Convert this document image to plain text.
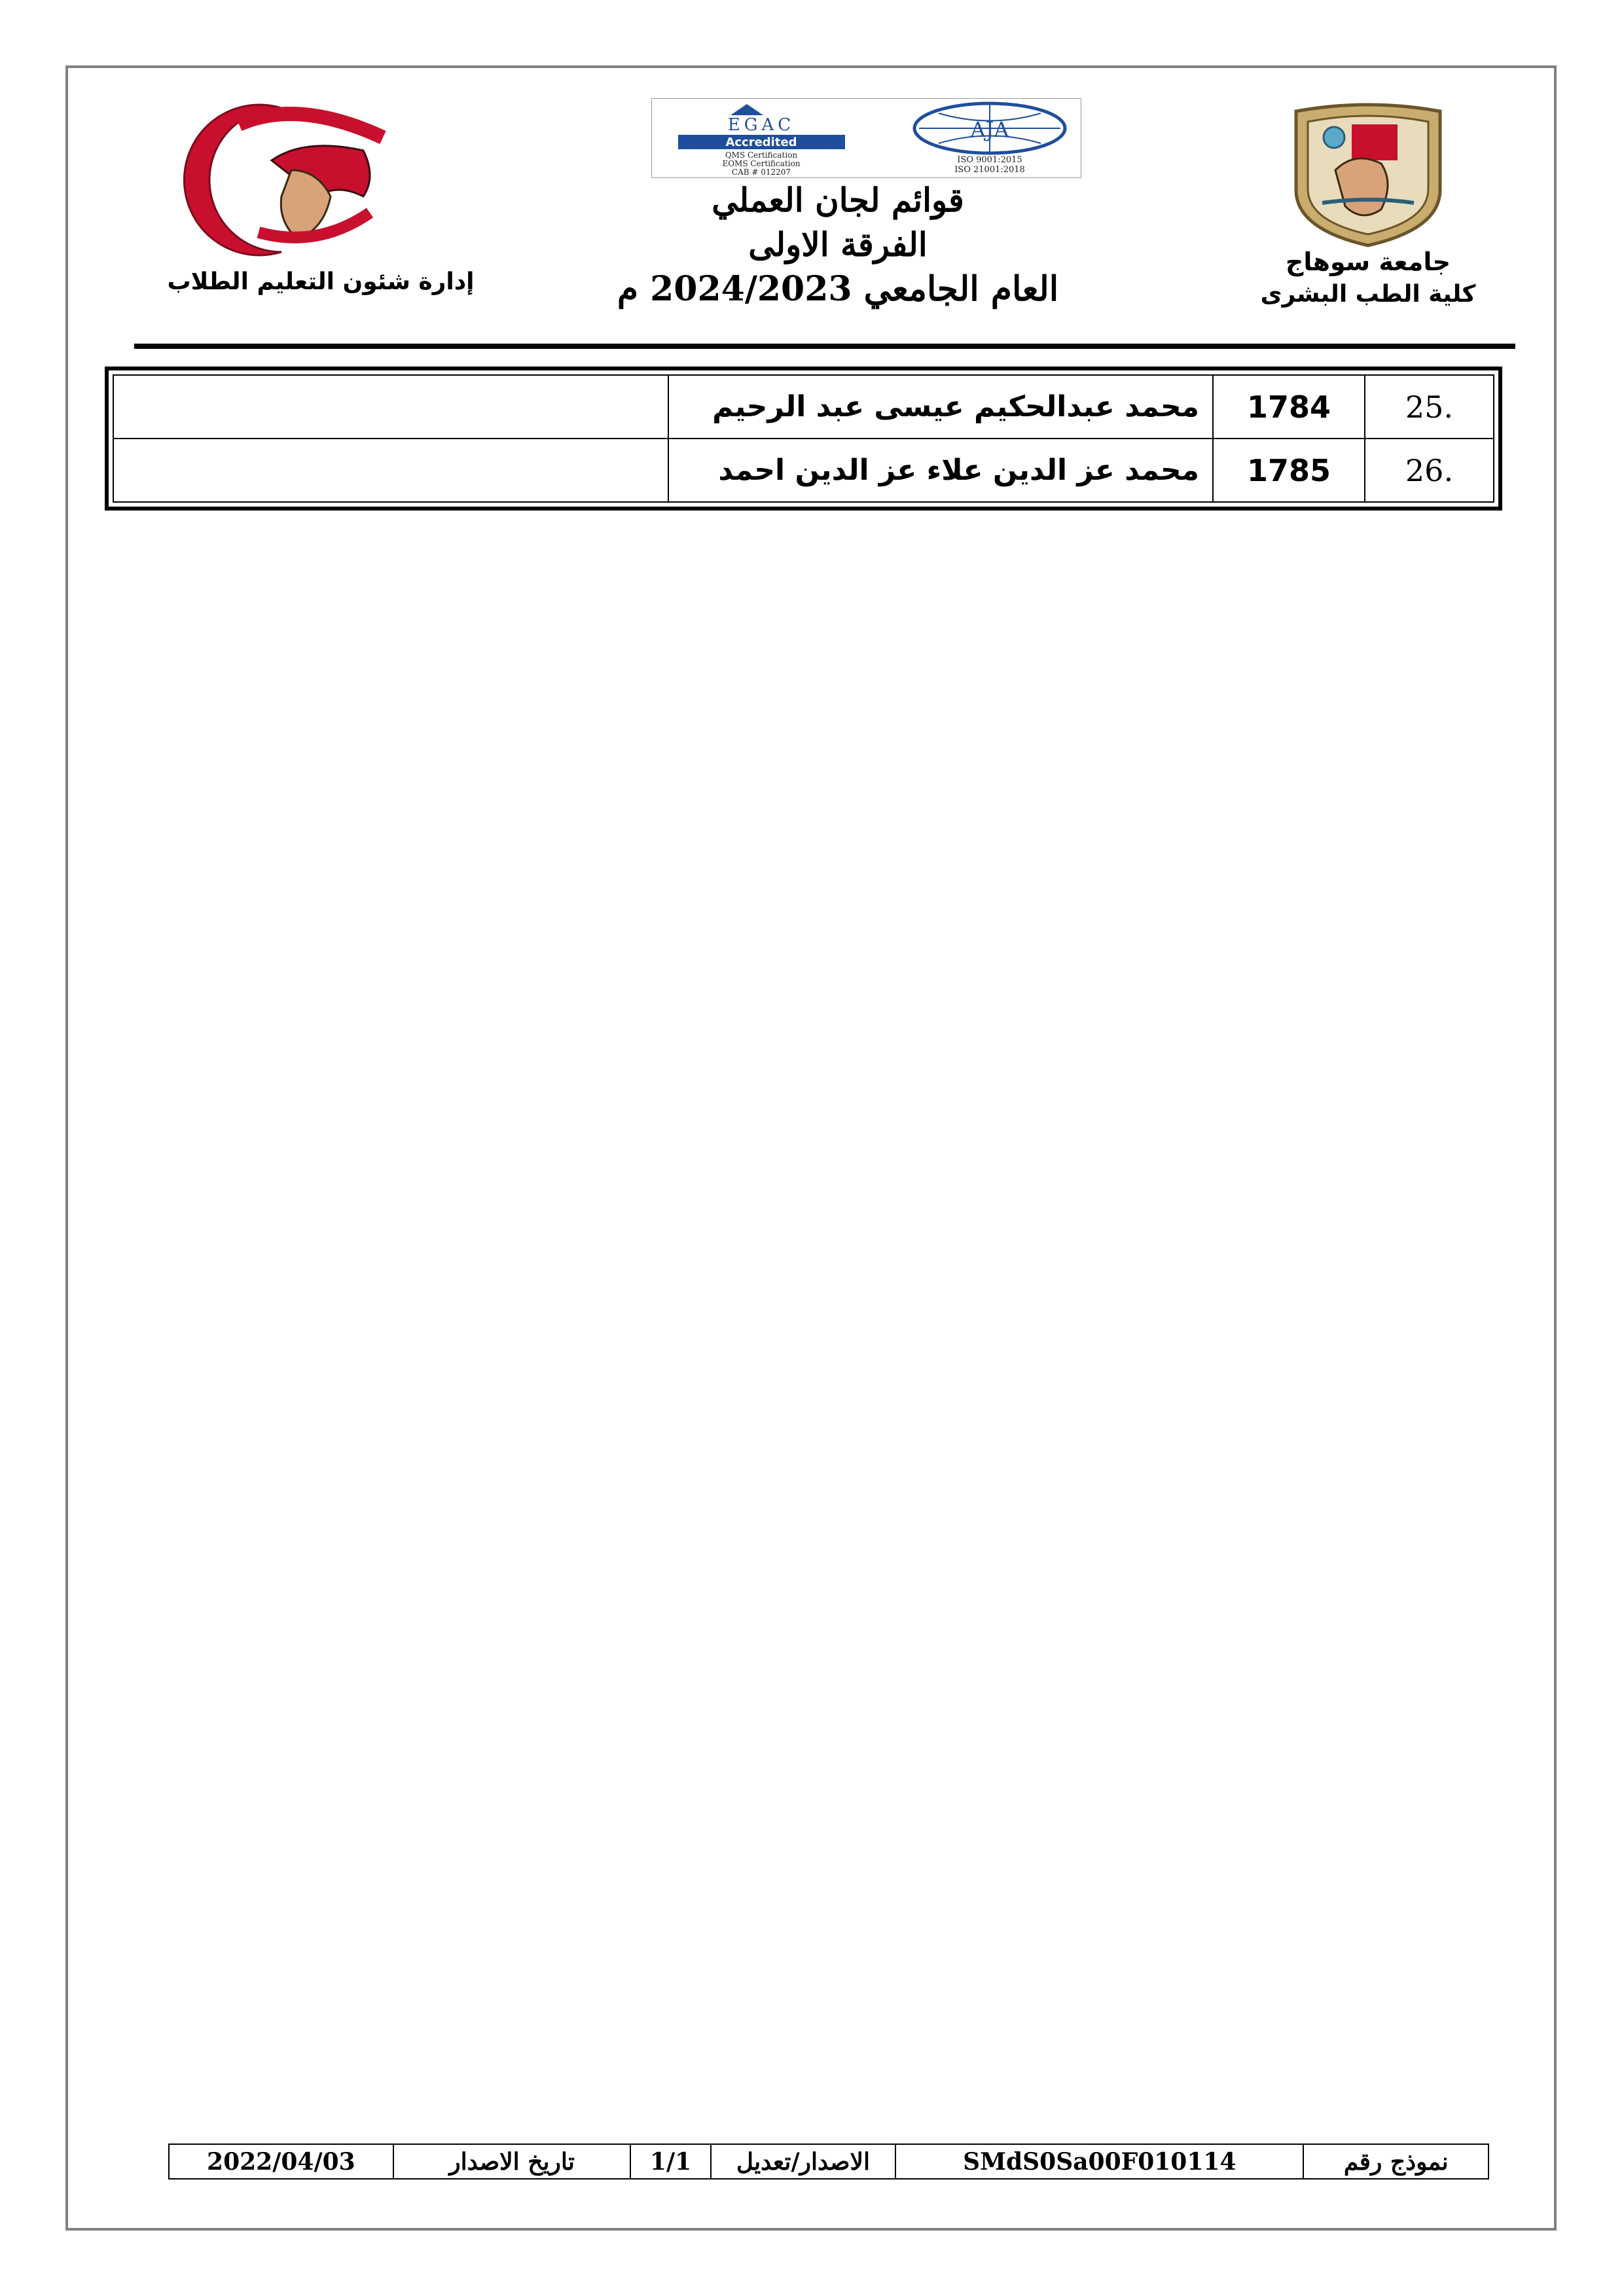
جامعة سوهاج
كلية الطب البشرى
إدارة شئون التعليم الطلاب
EGAC
Accredited
QMS Certification
EOMS Certification
CAB # 012207
AJA
ISO 9001:2015
ISO 21001:2018
قوائم لجان العملي
الفرقة الاولى
العام الجامعي 2024/2023 م
.25	1784	محمد عبدالحكيم عيسى عبد الرحيم	
.26	1785	محمد عز الدين علاء عز الدين احمد	
نموذج رقم	SMdS0Sa00F010114	الاصدار/تعديل	1/1	تاريخ الاصدار	2022/04/03
